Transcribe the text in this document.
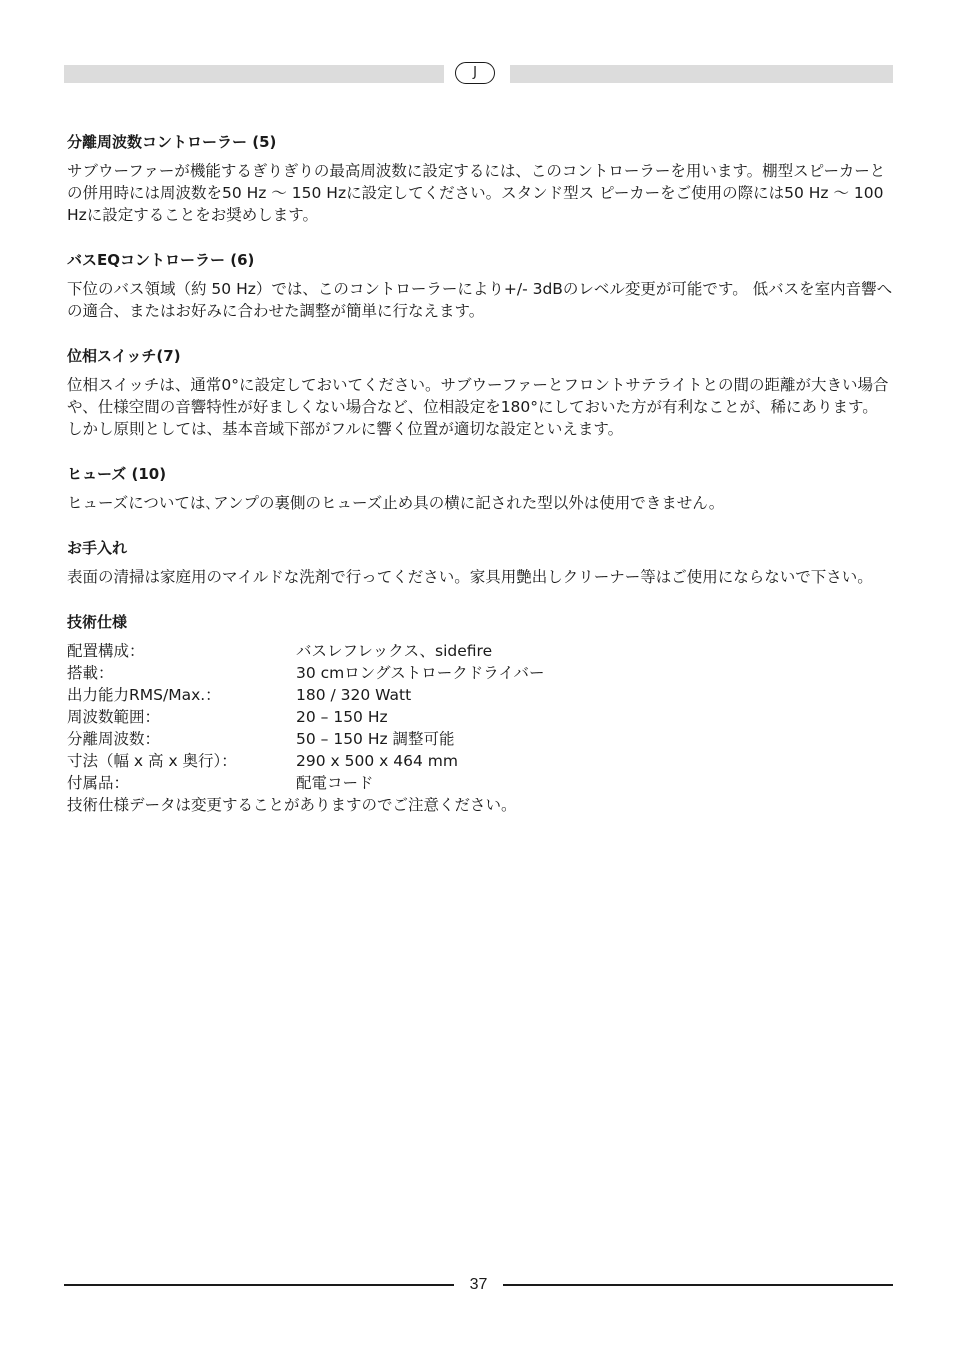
J
分離周波数コントローラー (5)

サブウーファーが機能するぎりぎりの最高周波数に設定するには、このコントローラーを用います。棚型スピーカーとの併用時には周波数を50 Hz ～ 150 Hzに設定してください。スタンド型ス ピーカーをご使用の際には50 Hz ～ 100 Hzに設定することをお奨めします。

バスEQコントローラー (6)

下位のバス領域（約 50 Hz）では、このコントローラーにより+/- 3dBのレベル変更が可能です。 低バスを室内音響への適合、またはお好みに合わせた調整が簡単に行なえます。

位相スイッチ(7)

位相スイッチは、通常0°に設定しておいてください。サブウーファーとフロントサテライトとの間の距離が大きい場合や、仕様空間の音響特性が好ましくない場合など、位相設定を180°にしておいた方が有利なことが、稀にあります。しかし原則としては、基本音域下部がフルに響く位置が適切な設定といえます。

ヒューズ (10)

ヒューズについては､アンプの裏側のヒューズ止め具の横に記された型以外は使用できません。

お手入れ

表面の清掃は家庭用のマイルドな洗剤で行ってください。家具用艶出しクリーナー等はご使用にならないで下さい。

技術仕様
配置構成：	バスレフレックス、sidefire
搭載：	30 cmロングストロークドライバー
出力能力RMS/Max.：	180 / 320 Watt
周波数範囲：	20 – 150 Hz
分離周波数：	50 – 150 Hz 調整可能
寸法（幅 x 高 x 奥行）：	290 x 500 x 464 mm
付属品：	配電コード

技術仕様データは変更することがありますのでご注意ください。

37
